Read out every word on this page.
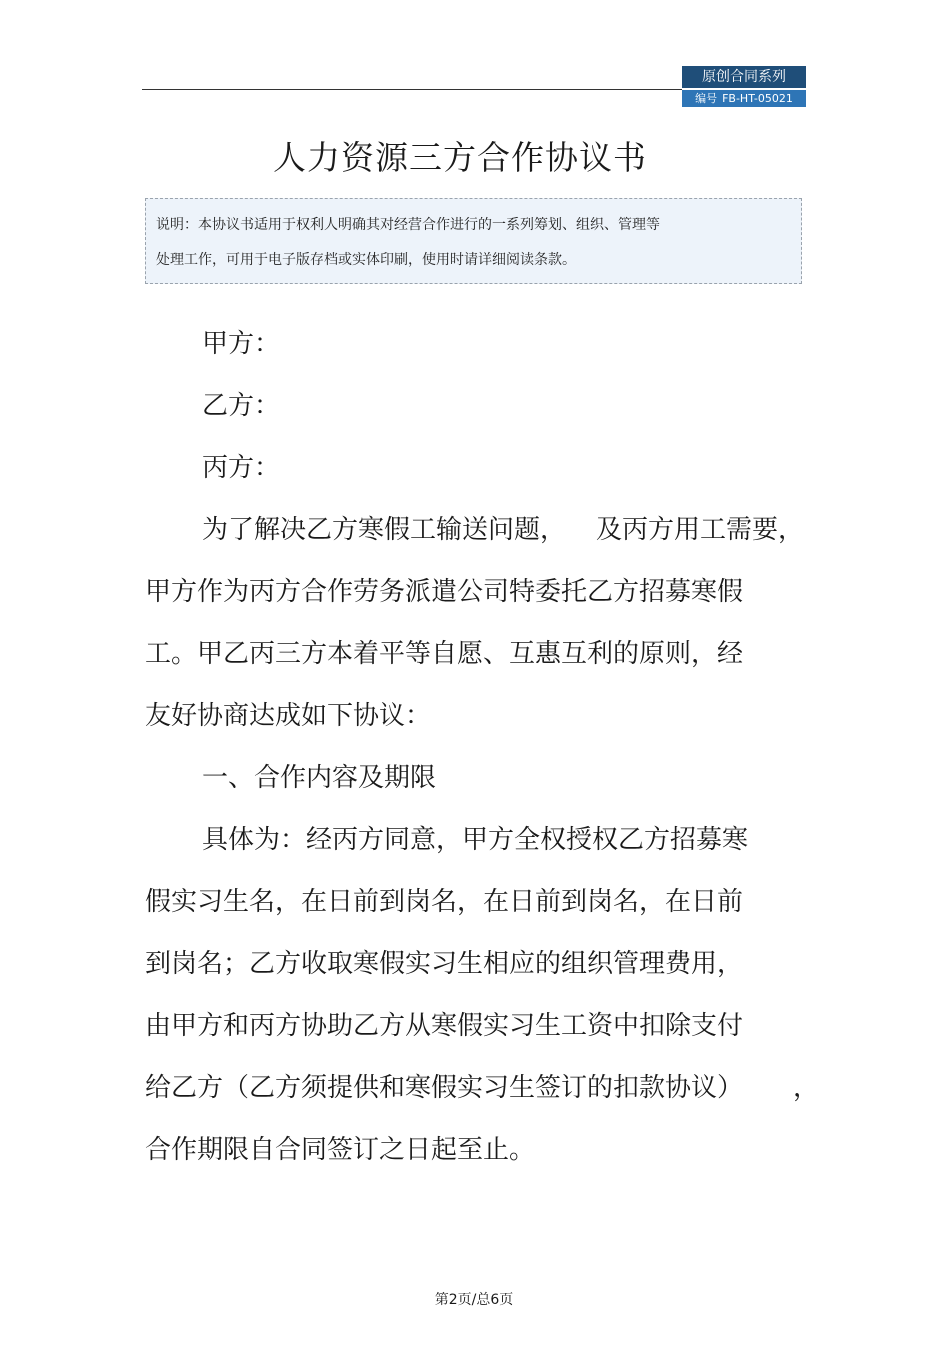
原创合同系列
编号 FB-HT-05021
人力资源三方合作协议书

说明：本协议书适用于权利人明确其对经营合作进行的一系列筹划、组织、管理等

处理工作，可用于电子版存档或实体印刷，使用时请详细阅读条款。

甲方：

乙方：

丙方：

为了解决乙方寒假工输送问题， 及丙方用工需要，

甲方作为丙方合作劳务派遣公司特委托乙方招募寒假

工。甲乙丙三方本着平等自愿、互惠互利的原则，经

友好协商达成如下协议：

一、合作内容及期限

具体为：经丙方同意，甲方全权授权乙方招募寒

假实习生名，在日前到岗名，在日前到岗名，在日前

到岗名；乙方收取寒假实习生相应的组织管理费用，

由甲方和丙方协助乙方从寒假实习生工资中扣除支付

给乙方（乙方须提供和寒假实习生签订的扣款协议） ，

合作期限自合同签订之日起至止。

第2页/总6页
